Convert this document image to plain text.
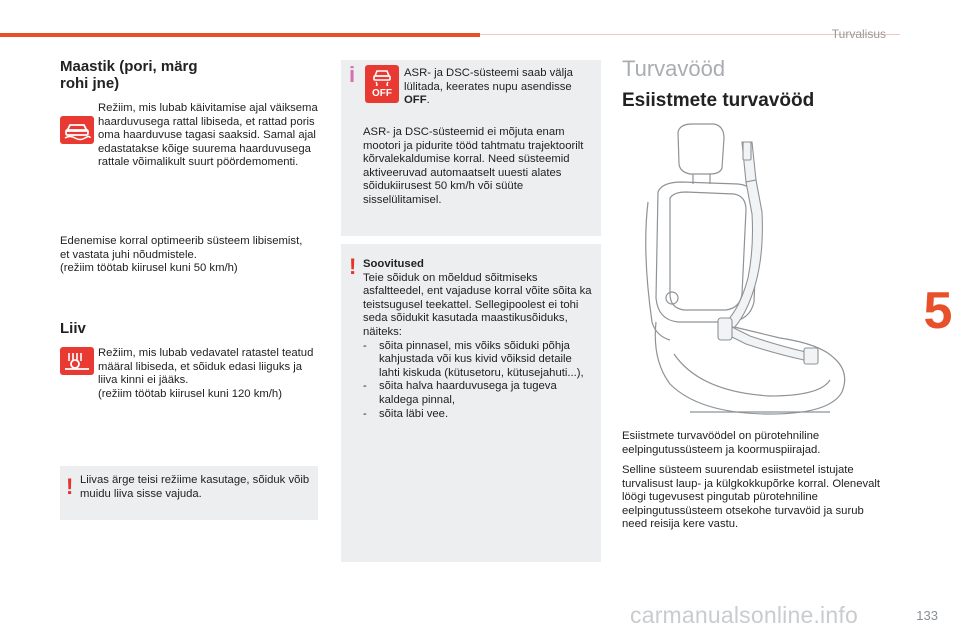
Turvalisus
Maastik (pori, märg
rohi jne)
Režiim, mis lubab käivitamise ajal väiksema haarduvusega rattal libiseda, et rattad poris oma haarduvuse tagasi saaksid. Samal ajal edastatakse kõige suurema haarduvusega rattale võimalikult suurt pöördemomenti.
Edenemise korral optimeerib süsteem libisemist, et vastata juhi nõudmistele.
(režiim töötab kiirusel kuni 50 km/h)
Liiv
Režiim, mis lubab vedavatel ratastel teatud määral libiseda, et sõiduk edasi liiguks ja liiva kinni ei jääks.
(režiim töötab kiirusel kuni 120 km/h)
! Liivas ärge teisi režiime kasutage, sõiduk võib muidu liiva sisse vajuda.
i
OFF
ASR- ja DSC-süsteemi saab välja lülitada, keerates nupu asendisse OFF.
ASR- ja DSC-süsteemid ei mõjuta enam mootori ja pidurite tööd tahtmatu trajektoorilt kõrvalekaldumise korral. Need süsteemid aktiveeruvad automaatselt uuesti alates sõidukiirusest 50 km/h või süüte sisselülitamisel.
! Soovitused
Teie sõiduk on mõeldud sõitmiseks asfaltteedel, ent vajaduse korral võite sõita ka teistsugusel teekattel. Sellegipoolest ei tohi seda sõidukit kasutada maastikusõiduks, näiteks:
-	sõita pinnasel, mis võiks sõiduki põhja kahjustada või kus kivid võiksid detaile lahti kiskuda (kütusetoru, kütusejahuti...),
-	sõita halva haarduvusega ja tugeva kaldega pinnal,
-	sõita läbi vee.
Turvavööd
Esiistmete turvavööd
Esiistmete turvavöödel on pürotehniline eelpingutussüsteem ja koormuspiirajad.
Selline süsteem suurendab esiistmetel istujate turvalisust laup- ja külgkokkupõrke korral. Olenevalt löögi tugevusest pingutab pürotehniline eelpingutussüsteem otsekohe turvavöid ja surub need reisija kere vastu.
5
carmanualsonline.info	133
